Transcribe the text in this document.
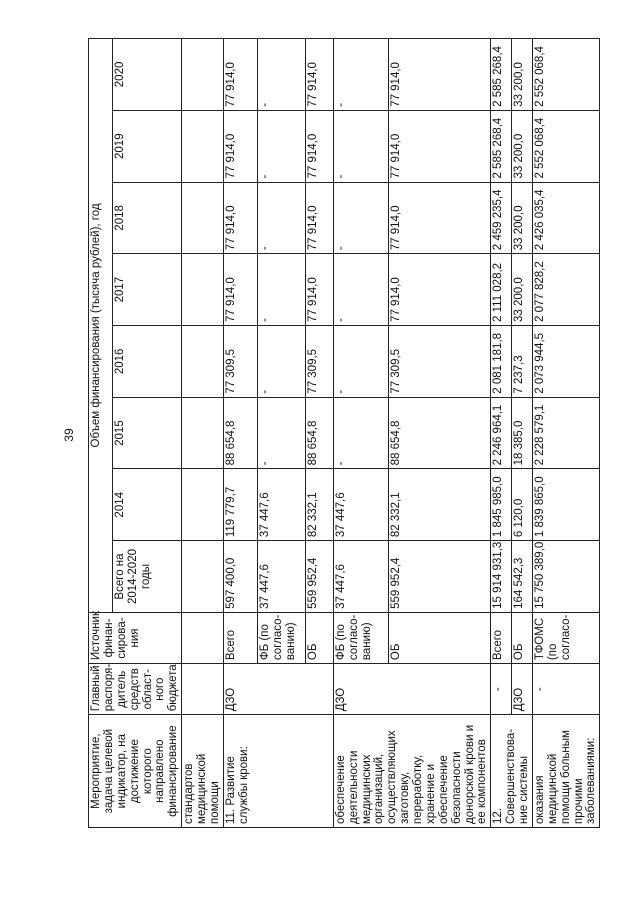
39
Мероприятие, задача целевой индикатор, на достижение которого направлено финансирование	Главный распоря-дитель средств област-ного бюджета	Источник финан-сирова-ния	Объем финансирования (тысяча рублей), год							
			Всего на 2014-2020 годы	2014	2015	2016	2017	2018	2019	2020
стандартов медицинской помощи										
11. Развитие службы крови:	ДЗО	Всего	597 400,0	119 779,7	88 654,8	77 309,5	77 914,0	77 914,0	77 914,0	77 914,0
		ФБ (по согласо-ванию)	37 447,6	37 447,6	-	-	-	-	-	-
		ОБ	559 952,4	82 332,1	88 654,8	77 309,5	77 914,0	77 914,0	77 914,0	77 914,0
обеспечение деятельности медицинских организаций, осуществляющих заготовку, переработку, хранение и обеспечение безопасности донорской крови и ее компонентов	ДЗО	ФБ (по согласо-ванию)	37 447,6	37 447,6	-	-	-	-	-	-
		ОБ	559 952,4	82 332,1	88 654,8	77 309,5	77 914,0	77 914,0	77 914,0	77 914,0
12. Совершенствова-ние системы	-	Всего	15 914 931,3	1 845 985,0	2 246 964,1	2 081 181,8	2 111 028,2	2 459 235,4	2 585 268,4	2 585 268,4
	ДЗО	ОБ	164 542,3	6 120,0	18 385,0	7 237,3	33 200,0	33 200,0	33 200,0	33 200,0
оказания медицинской помощи больным прочими заболеваниями:	-	ТФОМС (по согласо-	15 750 389,0	1 839 865,0	2 228 579,1	2 073 944,5	2 077 828,2	2 426 035,4	2 552 068,4	2 552 068,4
